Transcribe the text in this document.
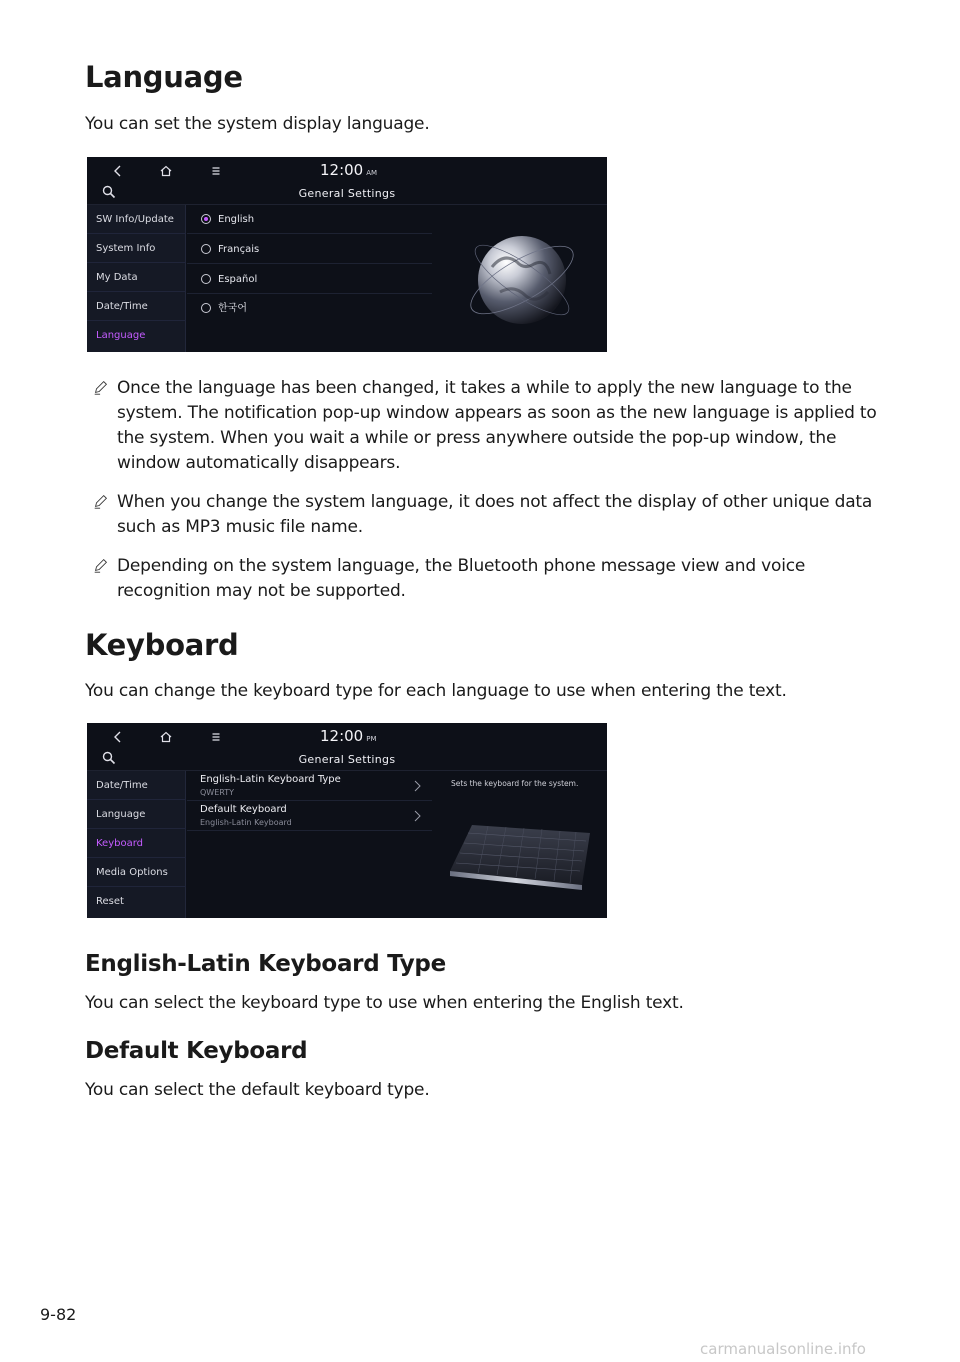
Language
You can set the system display language.
12:00 AM
General Settings
SW Info/Update
System Info
My Data
Date/Time
Language
English
Français
Español
한국어
Once the language has been changed, it takes a while to apply the new language to the system. The notification pop-up window appears as soon as the new language is applied to the system. When you wait a while or press anywhere outside the pop-up window, the window automatically disappears.
When you change the system language, it does not affect the display of other unique data such as MP3 music file name.
Depending on the system language, the Bluetooth phone message view and voice recognition may not be supported.
Keyboard
You can change the keyboard type for each language to use when entering the text.
12:00 PM
General Settings
Date/Time
Language
Keyboard
Media Options
Reset
English-Latin Keyboard Type
QWERTY
Default Keyboard
English-Latin Keyboard
Sets the keyboard for the system.
English-Latin Keyboard Type
You can select the keyboard type to use when entering the English text.
Default Keyboard
You can select the default keyboard type.
9-82
carmanualsonline.info
